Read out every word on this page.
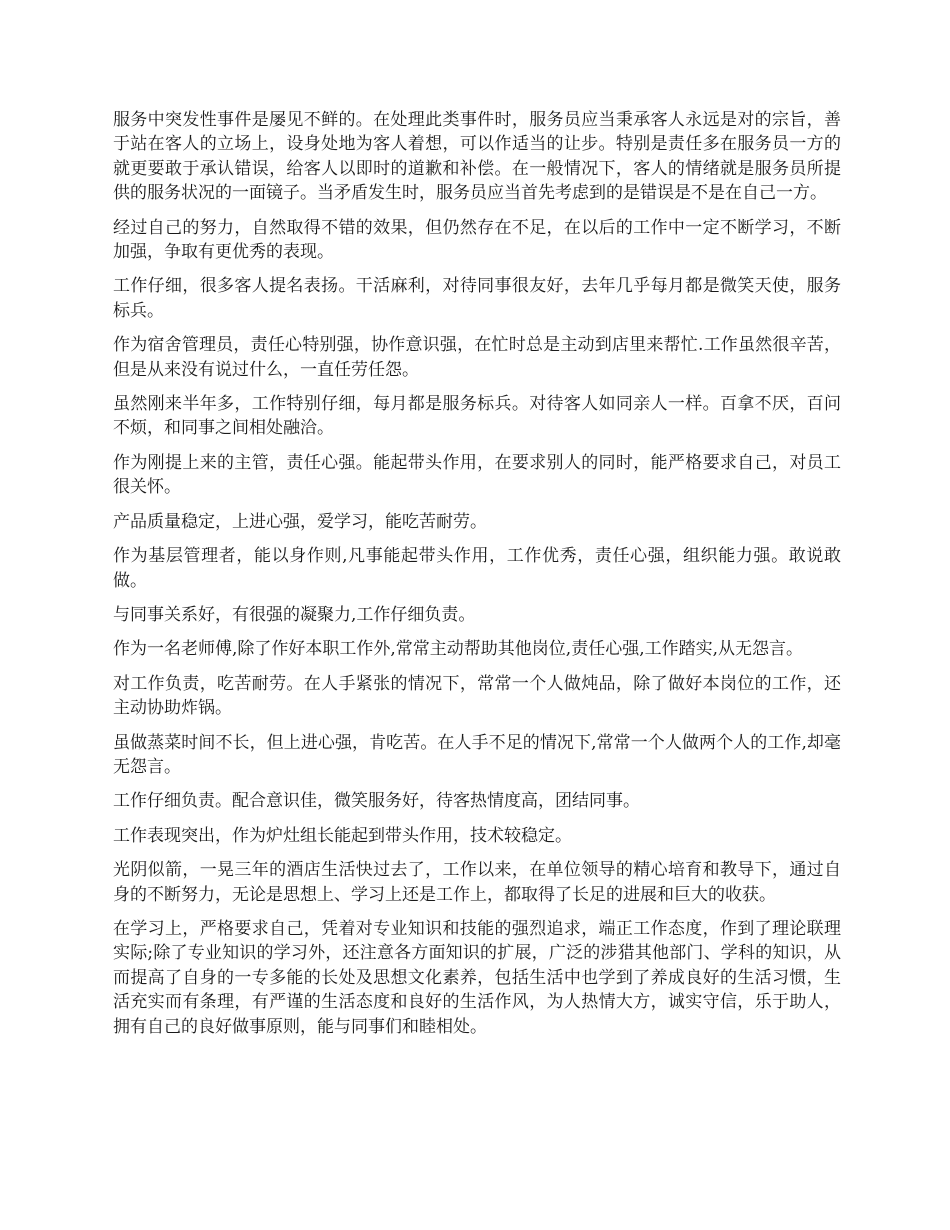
服务中突发性事件是屡见不鲜的。在处理此类事件时，服务员应当秉承客人永远是对的宗旨，善于站在客人的立场上，设身处地为客人着想，可以作适当的让步。特别是责任多在服务员一方的就更要敢于承认错误，给客人以即时的道歉和补偿。在一般情况下，客人的情绪就是服务员所提供的服务状况的一面镜子。当矛盾发生时，服务员应当首先考虑到的是错误是不是在自己一方。

经过自己的努力，自然取得不错的效果，但仍然存在不足，在以后的工作中一定不断学习，不断加强，争取有更优秀的表现。

工作仔细，很多客人提名表扬。干活麻利，对待同事很友好，去年几乎每月都是微笑天使，服务标兵。

作为宿舍管理员，责任心特别强，协作意识强，在忙时总是主动到店里来帮忙.工作虽然很辛苦，但是从来没有说过什么，一直任劳任怨。

虽然刚来半年多，工作特别仔细，每月都是服务标兵。对待客人如同亲人一样。百拿不厌，百问不烦，和同事之间相处融洽。

作为刚提上来的主管，责任心强。能起带头作用，在要求别人的同时，能严格要求自己，对员工很关怀。

产品质量稳定，上进心强，爱学习，能吃苦耐劳。

作为基层管理者，能以身作则,凡事能起带头作用，工作优秀，责任心强，组织能力强。敢说敢做。

与同事关系好，有很强的凝聚力,工作仔细负责。

作为一名老师傅,除了作好本职工作外,常常主动帮助其他岗位,责任心强,工作踏实,从无怨言。

对工作负责，吃苦耐劳。在人手紧张的情况下，常常一个人做炖品，除了做好本岗位的工作，还主动协助炸锅。

虽做蒸菜时间不长，但上进心强，肯吃苦。在人手不足的情况下,常常一个人做两个人的工作,却毫无怨言。

工作仔细负责。配合意识佳，微笑服务好，待客热情度高，团结同事。

工作表现突出，作为炉灶组长能起到带头作用，技术较稳定。

光阴似箭，一晃三年的酒店生活快过去了，工作以来，在单位领导的精心培育和教导下，通过自身的不断努力，无论是思想上、学习上还是工作上，都取得了长足的进展和巨大的收获。

在学习上，严格要求自己，凭着对专业知识和技能的强烈追求，端正工作态度，作到了理论联理实际;除了专业知识的学习外，还注意各方面知识的扩展，广泛的涉猎其他部门、学科的知识，从而提高了自身的一专多能的长处及思想文化素养，包括生活中也学到了养成良好的生活习惯，生活充实而有条理，有严谨的生活态度和良好的生活作风，为人热情大方，诚实守信，乐于助人，拥有自己的良好做事原则，能与同事们和睦相处。
